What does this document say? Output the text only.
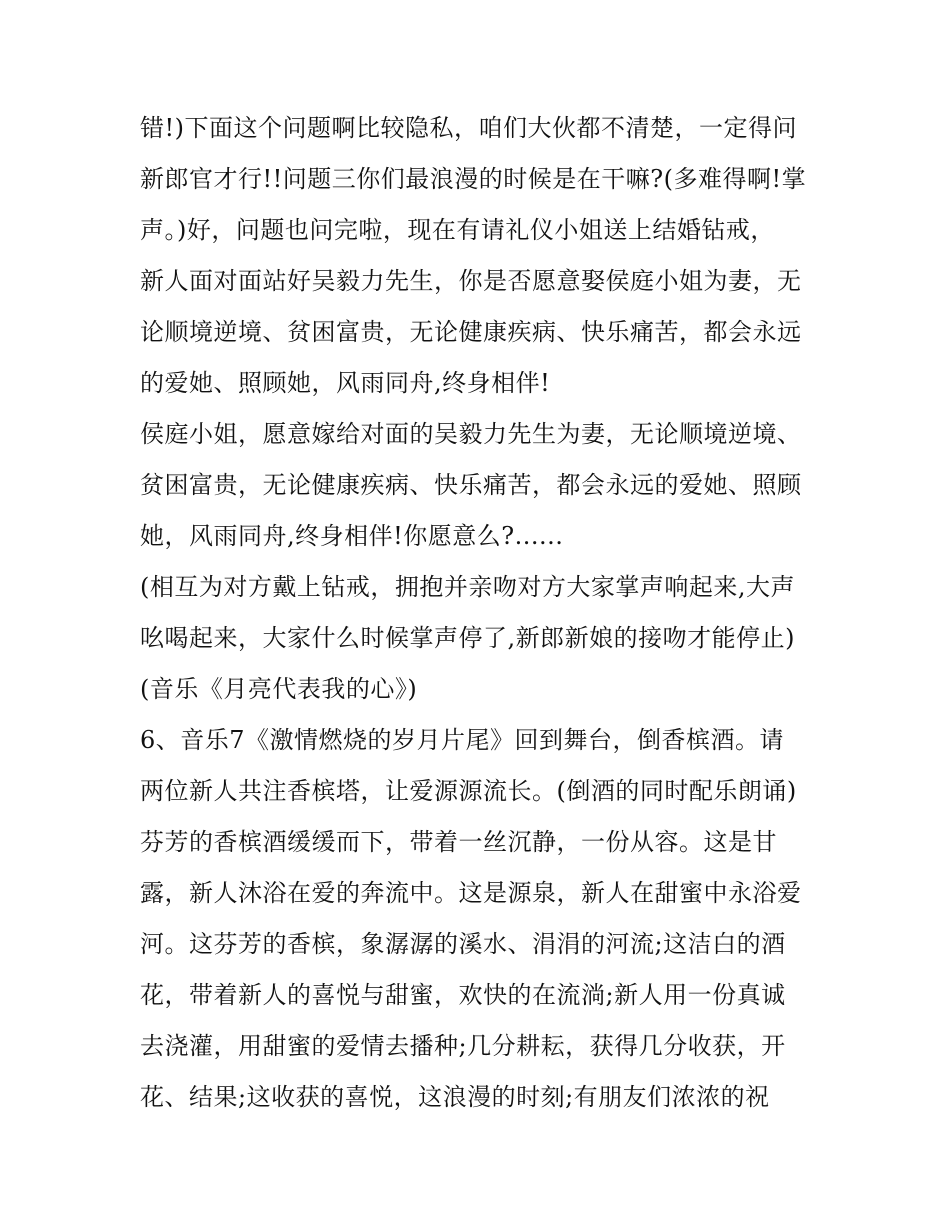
错!)下面这个问题啊比较隐私，咱们大伙都不清楚，一定得问
新郎官才行!!问题三你们最浪漫的时候是在干嘛?(多难得啊!掌
声。)好，问题也问完啦，现在有请礼仪小姐送上结婚钻戒，
新人面对面站好吴毅力先生，你是否愿意娶侯庭小姐为妻，无
论顺境逆境、贫困富贵，无论健康疾病、快乐痛苦，都会永远
的爱她、照顾她，风雨同舟,终身相伴!
侯庭小姐，愿意嫁给对面的吴毅力先生为妻，无论顺境逆境、
贫困富贵，无论健康疾病、快乐痛苦，都会永远的爱她、照顾
她，风雨同舟,终身相伴!你愿意么?......
(相互为对方戴上钻戒，拥抱并亲吻对方大家掌声响起来,大声
吆喝起来，大家什么时候掌声停了,新郎新娘的接吻才能停止)
(音乐《月亮代表我的心》)
6、音乐7《激情燃烧的岁月片尾》回到舞台，倒香槟酒。请
两位新人共注香槟塔，让爱源源流长。(倒酒的同时配乐朗诵)
芬芳的香槟酒缓缓而下，带着一丝沉静，一份从容。这是甘
露，新人沐浴在爱的奔流中。这是源泉，新人在甜蜜中永浴爱
河。这芬芳的香槟，象潺潺的溪水、涓涓的河流;这洁白的酒
花，带着新人的喜悦与甜蜜，欢快的在流淌;新人用一份真诚
去浇灌，用甜蜜的爱情去播种;几分耕耘，获得几分收获，开
花、结果;这收获的喜悦，这浪漫的时刻;有朋友们浓浓的祝
